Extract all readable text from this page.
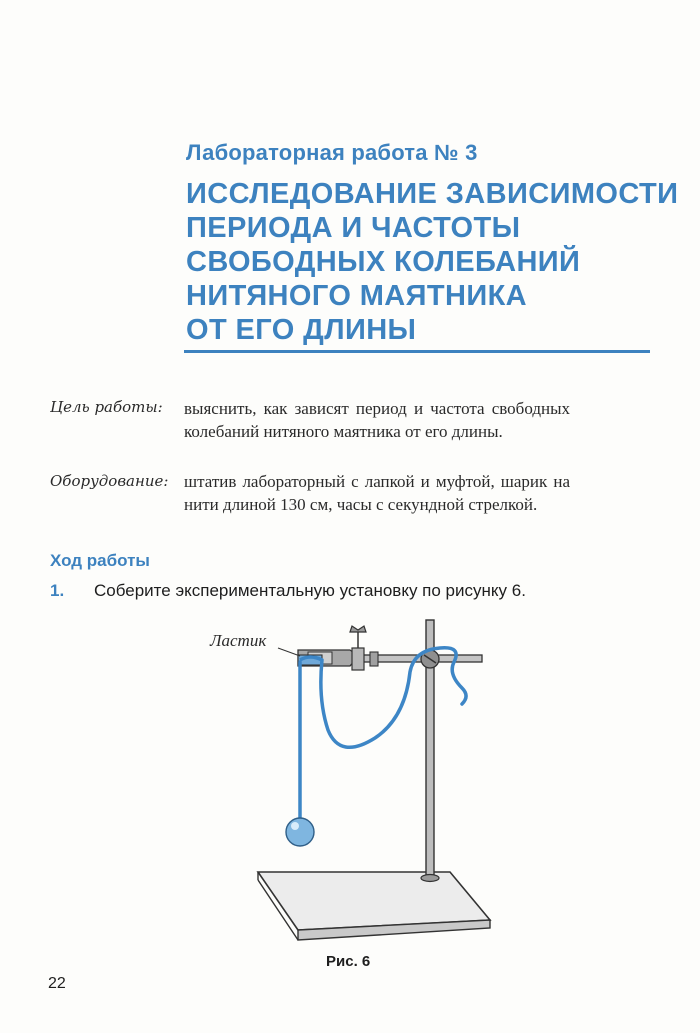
Лабораторная работа № 3
ИССЛЕДОВАНИЕ ЗАВИСИМОСТИ
ПЕРИОДА И ЧАСТОТЫ
СВОБОДНЫХ КОЛЕБАНИЙ
НИТЯНОГО МАЯТНИКА
ОТ ЕГО ДЛИНЫ
Цель работы:	выяснить, как зависят период и частота свободных колебаний нитяного маятника от его длины.
Оборудование: штатив лабораторный с лапкой и муфтой, шарик на нити длиной 130 см, часы с секундной стрелкой.
Ход работы
1. Соберите экспериментальную установку по рисунку 6.
Ластик
Рис. 6
22
